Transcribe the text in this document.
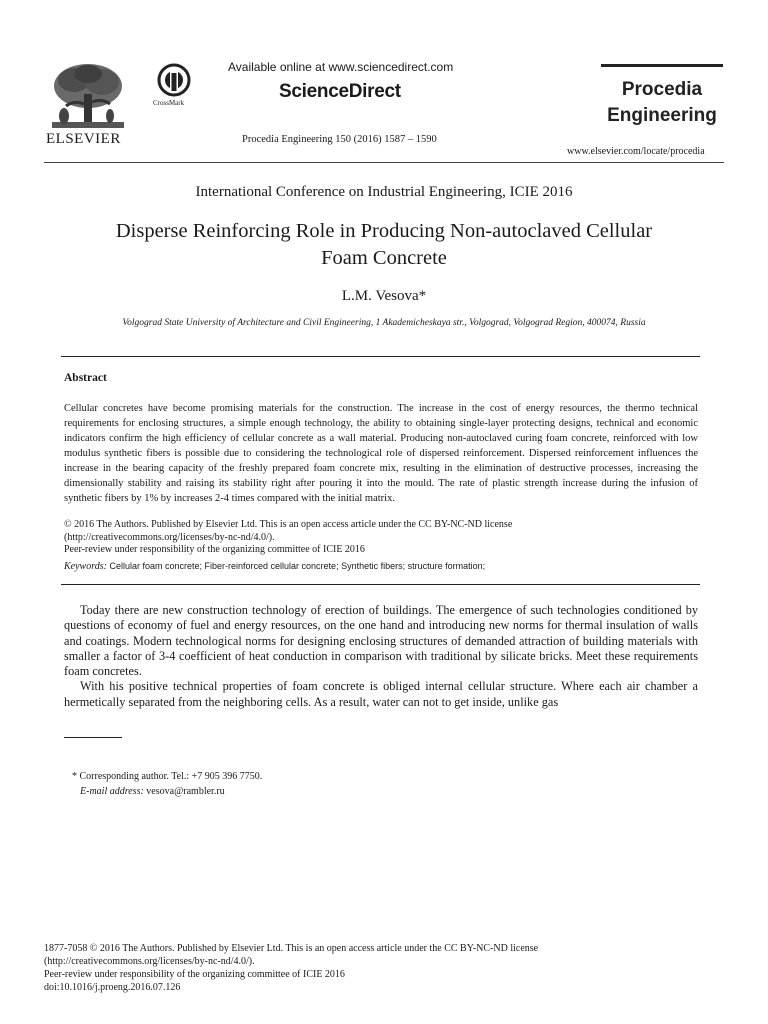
ELSEVIER
CrossMark
Available online at www.sciencedirect.com
ScienceDirect
Procedia Engineering 150 (2016) 1587 – 1590
Procedia
Engineering
www.elsevier.com/locate/procedia
International Conference on Industrial Engineering, ICIE 2016
Disperse Reinforcing Role in Producing Non-autoclaved Cellular
Foam Concrete
L.M. Vesova*
Volgograd State University of Architecture and Civil Engineering, 1 Akademicheskaya str., Volgograd, Volgograd Region, 400074, Russia
Abstract
Cellular concretes have become promising materials for the construction. The increase in the cost of energy resources, the thermo technical requirements for enclosing structures, a simple enough technology, the ability to obtaining single-layer protecting designs, technical and economic indicators confirm the high efficiency of cellular concrete as a wall material. Producing non-autoclaved curing foam concrete, reinforced with low modulus synthetic fibers is possible due to considering the technological role of dispersed reinforcement. Dispersed reinforcement influences the increase in the bearing capacity of the freshly prepared foam concrete mix, resulting in the elimination of destructive processes, increasing the dimensionally stability and raising its stability right after pouring it into the mould. The rate of plastic strength increase during the infusion of synthetic fibers by 1% by increases 2-4 times compared with the initial matrix.
© 2016 The Authors. Published by Elsevier Ltd. This is an open access article under the CC BY-NC-ND license
(http://creativecommons.org/licenses/by-nc-nd/4.0/).
Peer-review under responsibility of the organizing committee of ICIE 2016
Keywords: Cellular foam concrete; Fiber-reinforced cellular concrete; Synthetic fibers; structure formation;

Today there are new construction technology of erection of buildings. The emergence of such technologies conditioned by questions of economy of fuel and energy resources, on the one hand and introducing new norms for thermal insulation of walls and coatings. Modern technological norms for designing enclosing structures of demanded attraction of building materials with smaller a factor of 3-4 coefficient of heat conduction in comparison with traditional by silicate bricks. Meet these requirements foam concretes.

With his positive technical properties of foam concrete is obliged internal cellular structure. Where each air chamber a hermetically separated from the neighboring cells. As a result, water can not to get inside, unlike gas

* Corresponding author. Tel.: +7 905 396 7750.
E-mail address: vesova@rambler.ru
1877-7058 © 2016 The Authors. Published by Elsevier Ltd. This is an open access article under the CC BY-NC-ND license
(http://creativecommons.org/licenses/by-nc-nd/4.0/).
Peer-review under responsibility of the organizing committee of ICIE 2016
doi:10.1016/j.proeng.2016.07.126
